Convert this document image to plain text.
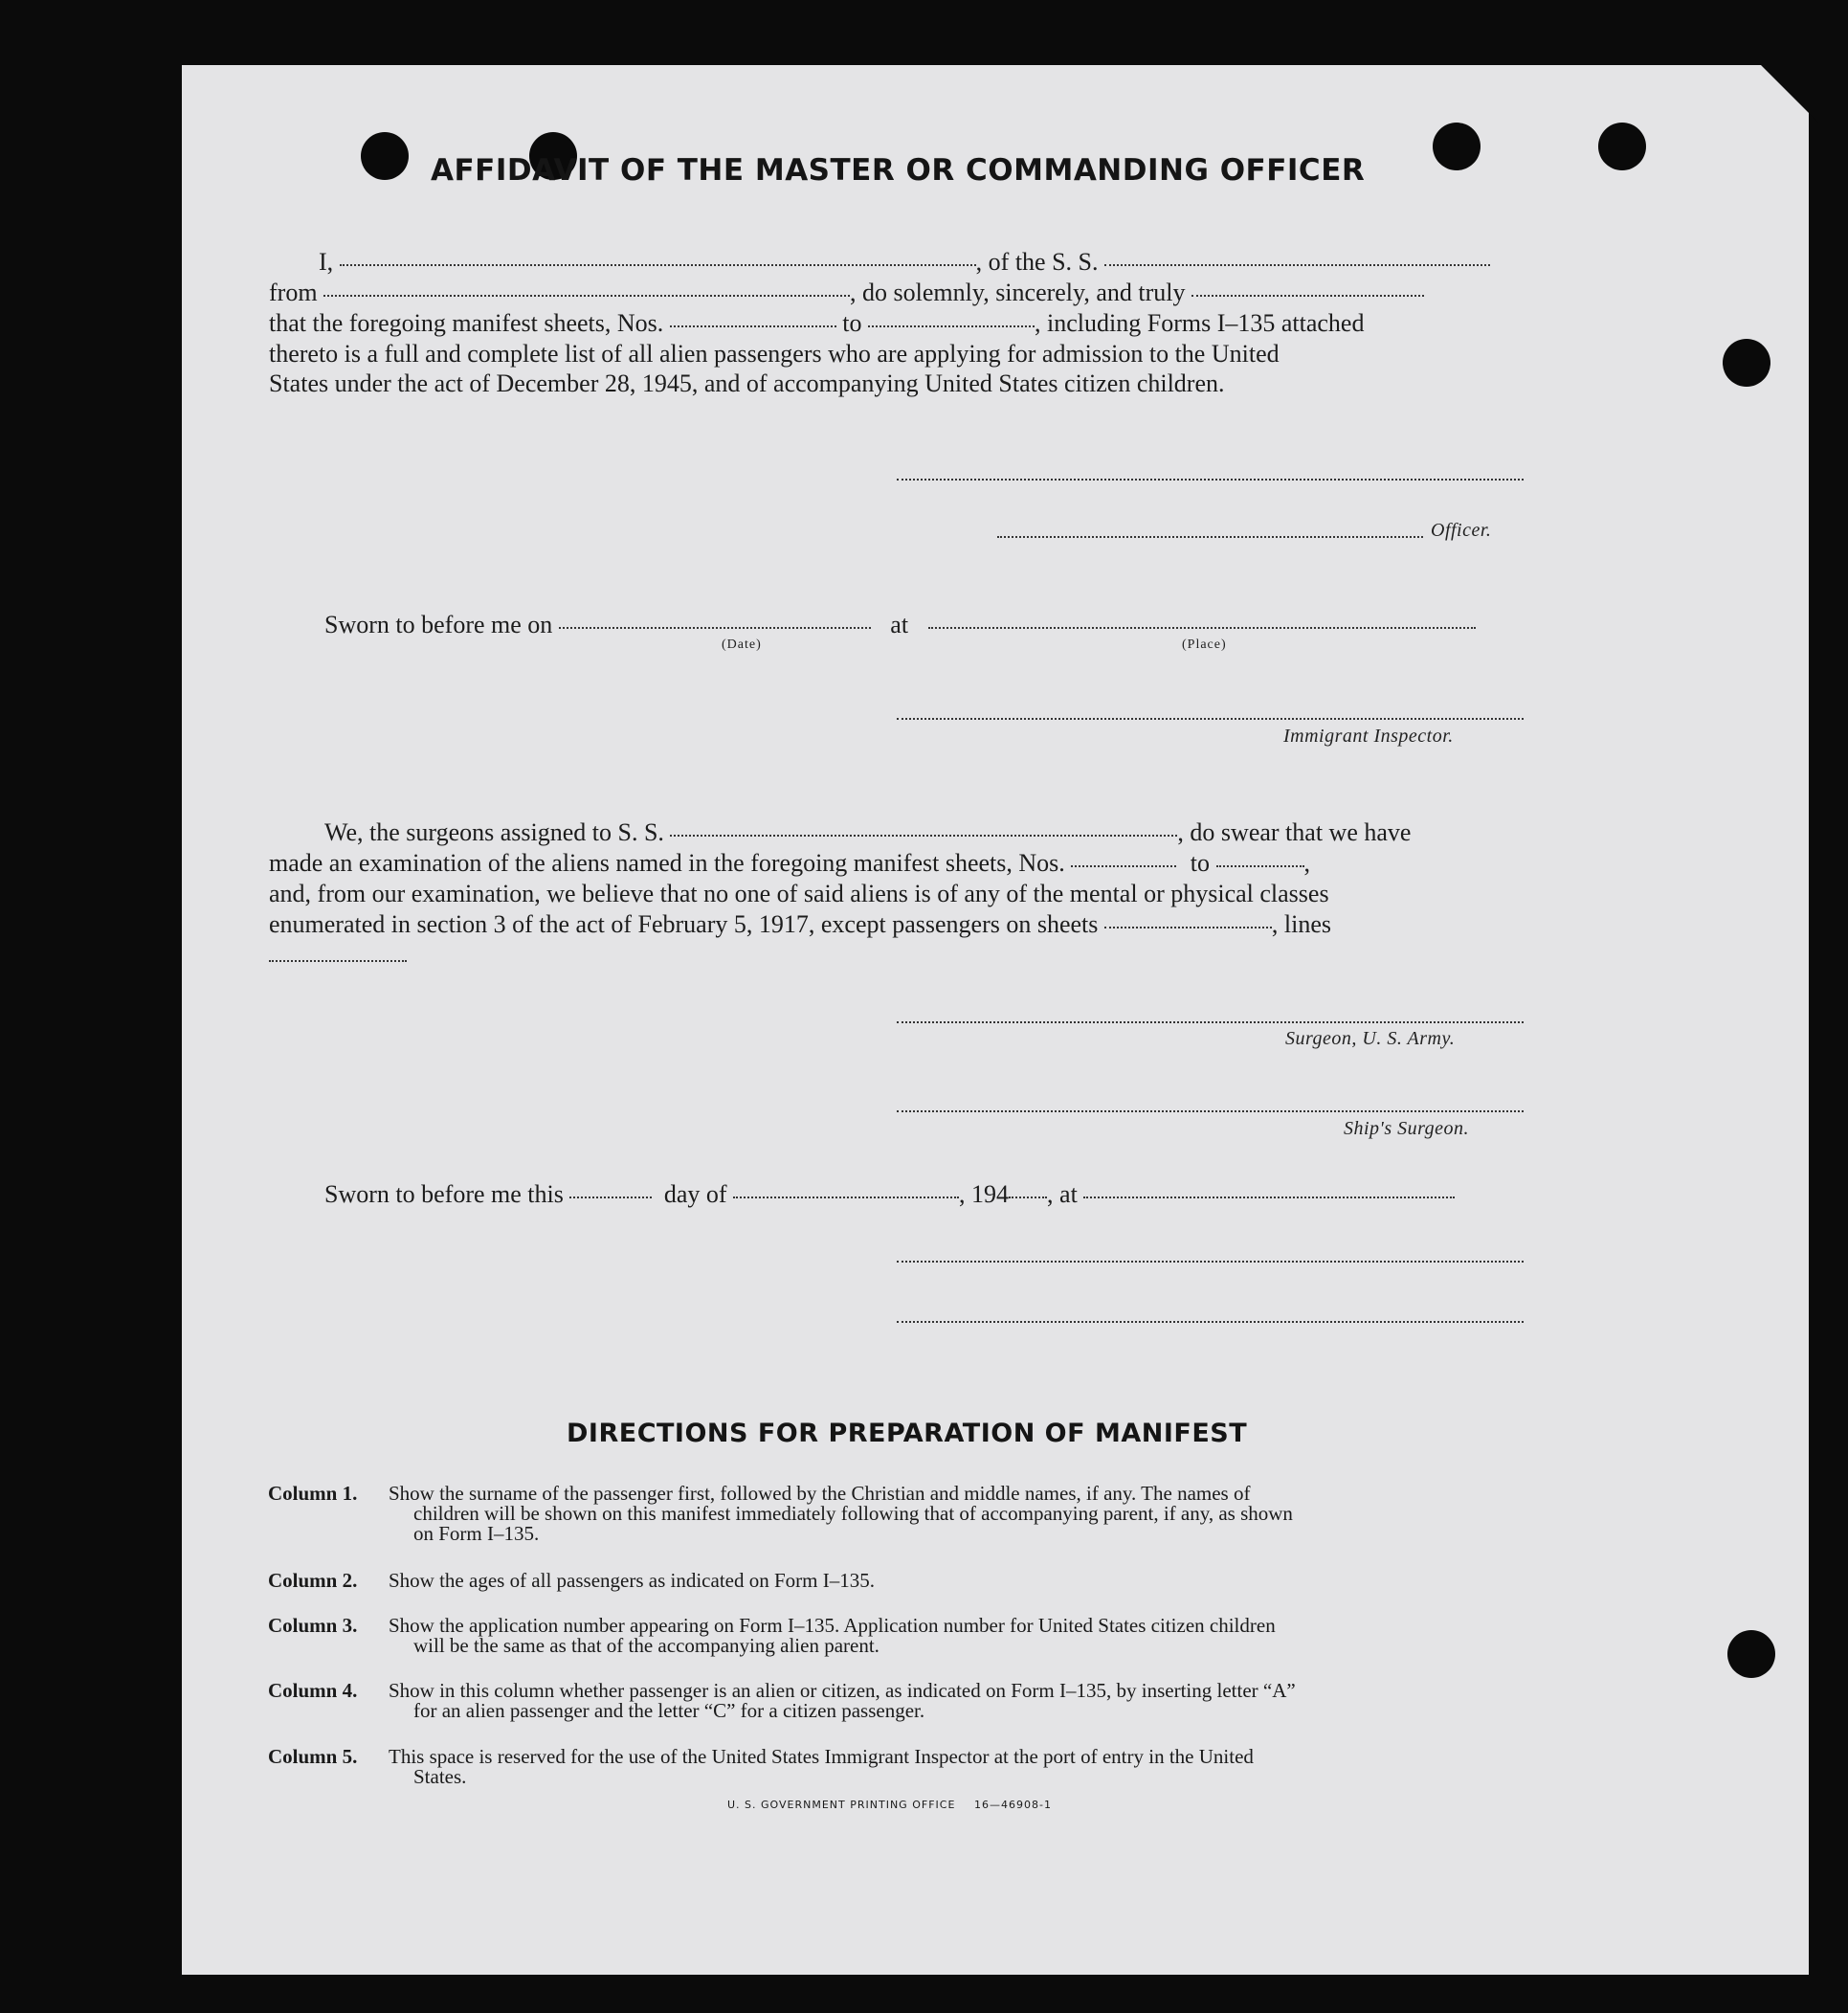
AFFIDAVIT OF THE MASTER OR COMMANDING OFFICER
I,	, of the S. S.
from	, do solemnly, sincerely, and truly
that the foregoing manifest sheets, Nos.	to	, including Forms I–135 attached
thereto is a full and complete list of all alien passengers who are applying for admission to the United
States under the act of December 28, 1945, and of accompanying United States citizen children.
Officer.
Sworn to before me on	at
(Date)	(Place)
Immigrant Inspector.
We, the surgeons assigned to S. S.	, do swear that we have
made an examination of the aliens named in the foregoing manifest sheets, Nos.	to	,
and, from our examination, we believe that no one of said aliens is of any of the mental or physical classes
enumerated in section 3 of the act of February 5, 1917, except passengers on sheets	, lines
Surgeon, U. S. Army.
Ship's Surgeon.
Sworn to before me this	day of	, 194 , at
DIRECTIONS FOR PREPARATION OF MANIFEST
Column 1. Show the surname of the passenger first, followed by the Christian and middle names, if any. The names of
children will be shown on this manifest immediately following that of accompanying parent, if any, as shown
on Form I–135.
Column 2. Show the ages of all passengers as indicated on Form I–135.
Column 3. Show the application number appearing on Form I–135. Application number for United States citizen children
will be the same as that of the accompanying alien parent.
Column 4. Show in this column whether passenger is an alien or citizen, as indicated on Form I–135, by inserting letter “A”
for an alien passenger and the letter “C” for a citizen passenger.
Column 5. This space is reserved for the use of the United States Immigrant Inspector at the port of entry in the United
States.
U. S. GOVERNMENT PRINTING OFFICE 16—46908-1
